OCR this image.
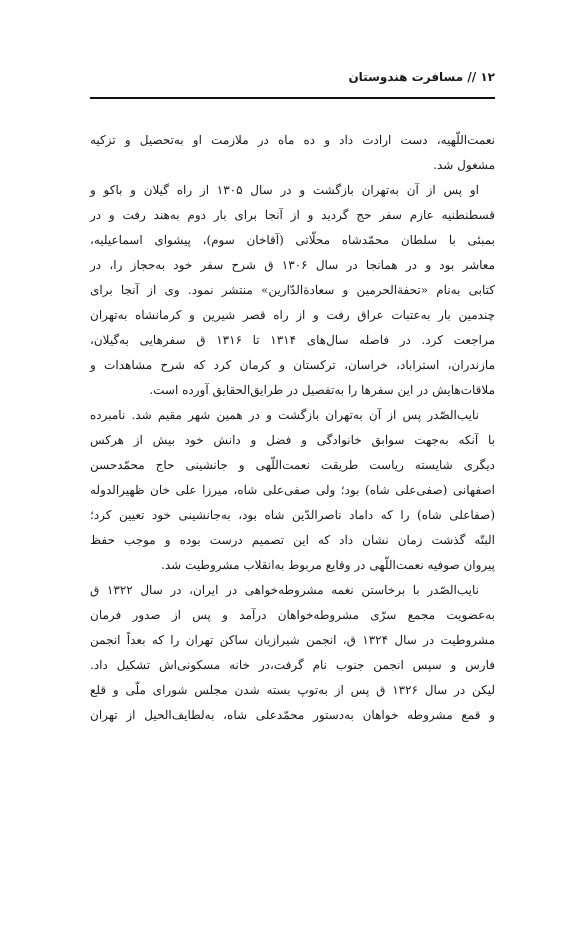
۱۲ // مسافرت هندوستان
نعمت‌اللّهیه، دست ارادت داد و ده ماه در ملازمت او به‌تحصیل و تزکیه
مشغول شد.
او پس از آن به‌تهران بازگشت و در سال ۱۳۰۵ از راه گیلان و باکو و
قسطنطنیه عازم سفر حج گردید و از آنجا برای بار دوم به‌هند رفت و در
بمبئی با سلطان محمّدشاه محلّاتی (آقاخان سوم)، پیشوای اسماعیلیه،
معاشر بود و در همانجا در سال ۱۳۰۶ ق شرح سفر خود به‌حجاز را، در
کتابی به‌نام «تحفة‌الحرمین و سعادة‌الدّارین» منتشر نمود. وی از آنجا برای
چندمین بار به‌عتبات عراق رفت و از راه قصر شیرین و کرمانشاه به‌تهران
مراجعت کرد. در فاصله سال‌های ۱۳۱۴ تا ۱۳۱۶ ق سفرهایی به‌گیلان،
مازندران، استراباد، خراسان، ترکستان و کرمان کرد که شرح مشاهدات و
ملاقات‌هایش در این سفرها را به‌تفصیل در طرایق‌الحقایق آورده است.
نایب‌الصّدر پس از آن به‌تهران بازگشت و در همین شهر مقیم شد. نامبرده
با آنکه به‌جهت سوابق خانوادگی و فضل و دانش خود بیش از هرکس
دیگری شایسته ریاست طریقت نعمت‌اللّهی و جانشینی حاج محمّدحسن
اصفهانی (صفی‌علی شاه) بود؛ ولی صفی‌علی شاه، میرزا علی خان ظهیرالدوله
(صفاعلی شاه) را که داماد ناصرالدّین شاه بود، به‌جانشینی خود تعیین کرد؛
البتّه گذشت زمان نشان داد که این تصمیم درست بوده و موجب حفظ
پیروان صوفیه نعمت‌اللّهی در وقایع مربوط به‌انقلاب مشروطیت شد.
نایب‌الصّدر با برخاستن نغمه مشروطه‌خواهی در ایران، در سال ۱۳۲۲ ق
به‌عضویت مجمع سرّی مشروطه‌خواهان درآمد و پس از صدور فرمان
مشروطیت در سال ۱۳۲۴ ق، انجمن شیرازیان ساکن تهران را که بعداً انجمن
فارس و سپس انجمن جنوب نام گرفت،در خانه مسکونی‌اش تشکیل داد.
لیکن در سال ۱۳۲۶ ق پس از به‌توپ بسته شدن مجلس شورای ملّی و قلع
و قمع مشروطه خواهان به‌دستور محمّدعلی شاه، به‌لطایف‌الحیل از تهران
